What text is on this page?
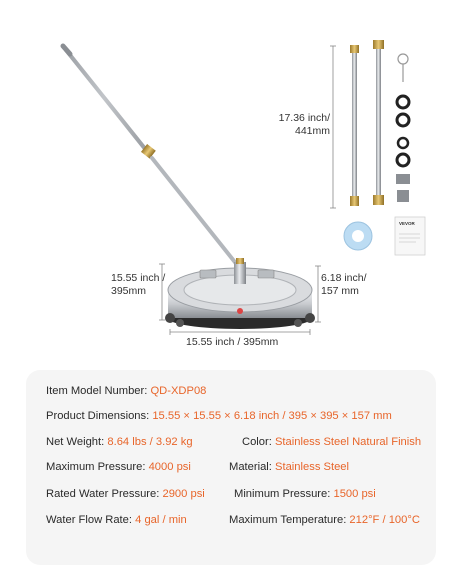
VEVOR
17.36 inch/
441mm
15.55 inch /
395mm
6.18 inch/
157 mm
15.55 inch / 395mm
Item Model Number: QD-XDP08
Product Dimensions: 15.55 × 15.55 × 6.18 inch / 395 × 395 × 157 mm
Net Weight: 8.64 lbs / 3.92 kg	Color: Stainless Steel Natural Finish
Maximum Pressure: 4000 psi	Material: Stainless Steel
Rated Water Pressure: 2900 psi	Minimum Pressure: 1500 psi
Water Flow Rate: 4 gal / min	Maximum Temperature: 212°F / 100°C
